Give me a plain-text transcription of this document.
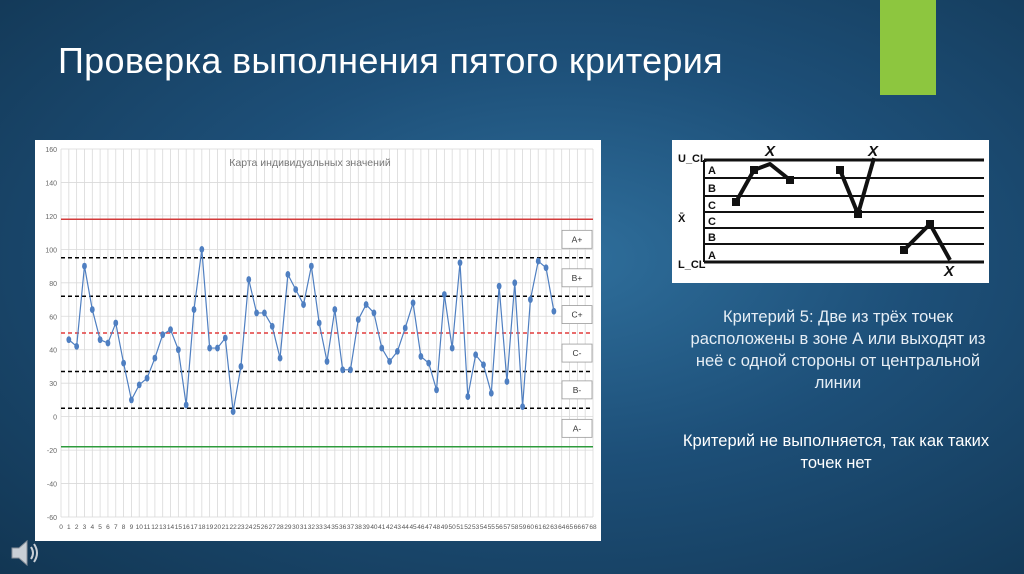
Проверка выполнения пятого критерия
160
140
120
100
80
60
40
30
0
-20
-40
-60
0 1 2 3 4 5 6 7 8 9 10 11 12 13 14 15 16 17 18 19 20 21 22 23 24 25 26 27 28 29 30 31 32 33 34 35 36 37 38 39 40 41 42 43 44 45 46 47 48 49 50 51 52 53 54 55 56 57 58 59 60 61 62 63 64 65 66 67 68
A+
B+
C+
C-
B-
A-
Карта индивидуальных значений	U_CL
X̄
L_CL
A
B
C
C
B
A
X	X
X
Критерий 5: Две из трёх точек расположены в зоне А или выходят из неё с одной стороны от центральной линии
Критерий не выполняется, так как таких точек нет
